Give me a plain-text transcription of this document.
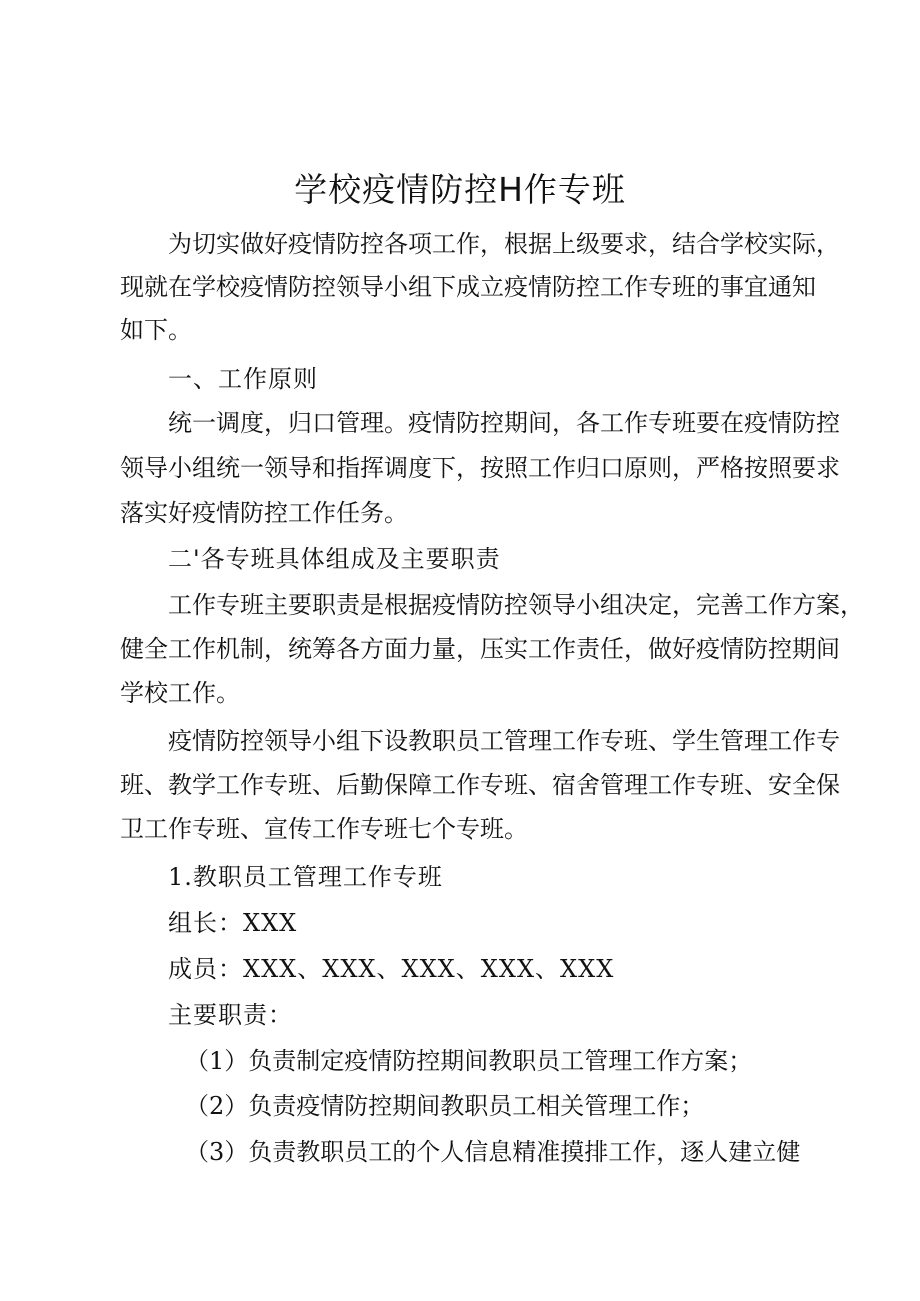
学校疫情防控H作专班

为切实做好疫情防控各项工作，根据上级要求，结合学校实际，

现就在学校疫情防控领导小组下成立疫情防控工作专班的事宜通知

如下。

一、工作原则

统一调度，归口管理。疫情防控期间，各工作专班要在疫情防控

领导小组统一领导和指挥调度下，按照工作归口原则，严格按照要求

落实好疫情防控工作任务。

二'各专班具体组成及主要职责

工作专班主要职责是根据疫情防控领导小组决定，完善工作方案，

健全工作机制，统筹各方面力量，压实工作责任，做好疫情防控期间

学校工作。

疫情防控领导小组下设教职员工管理工作专班、学生管理工作专

班、教学工作专班、后勤保障工作专班、宿舍管理工作专班、安全保

卫工作专班、宣传工作专班七个专班。

1.教职员工管理工作专班

组长：XXX

成员：XXX、XXX、XXX、XXX、XXX

主要职责：

（1）负责制定疫情防控期间教职员工管理工作方案；

（2）负责疫情防控期间教职员工相关管理工作；

（3）负责教职员工的个人信息精准摸排工作，逐人建立健
